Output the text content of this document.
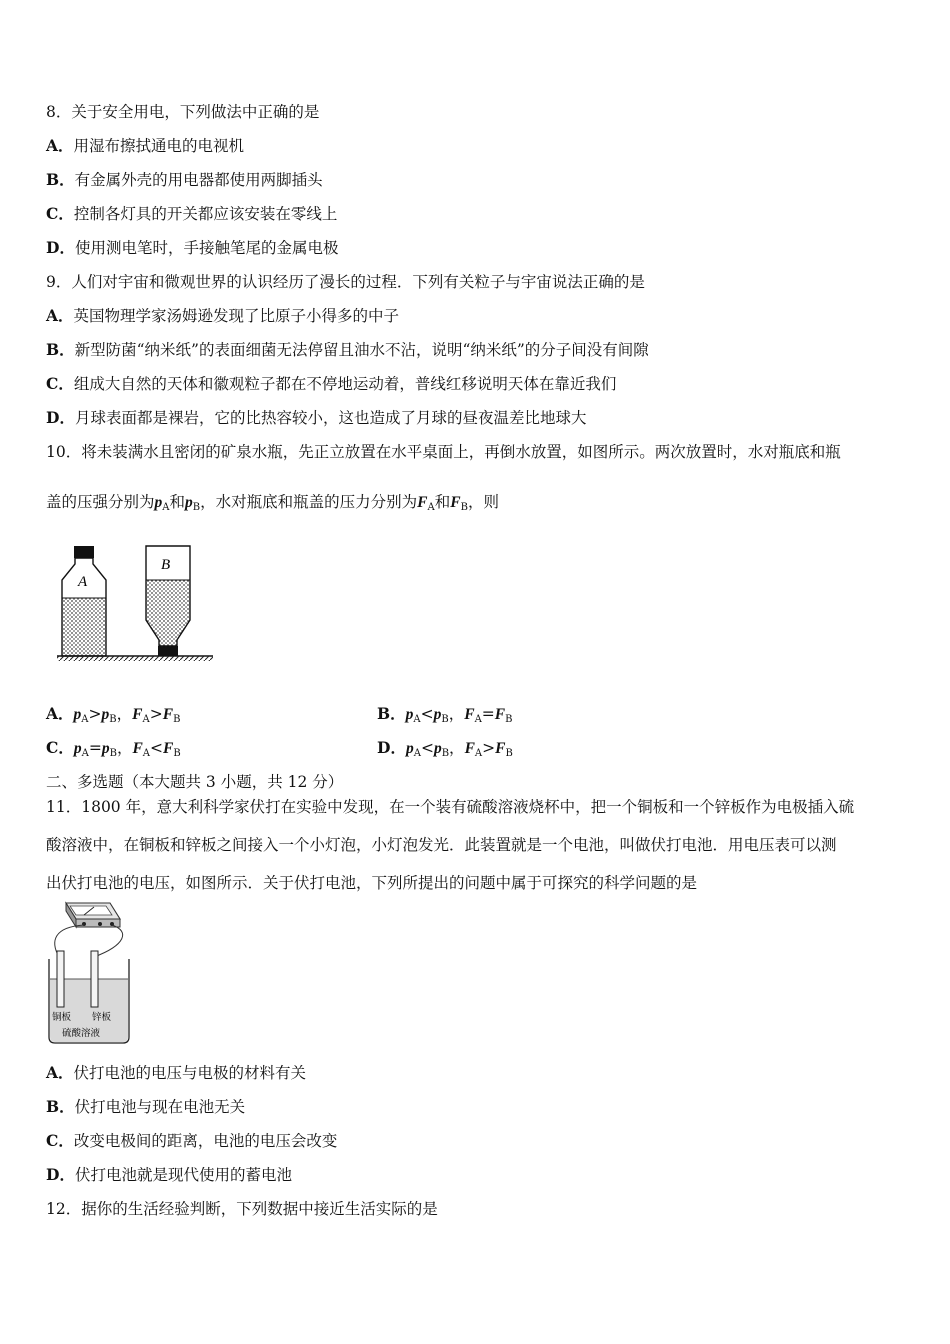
8．关于安全用电，下列做法中正确的是
A．用湿布擦拭通电的电视机
B．有金属外壳的用电器都使用两脚插头
C．控制各灯具的开关都应该安装在零线上
D．使用测电笔时，手接触笔尾的金属电极
9．人们对宇宙和微观世界的认识经历了漫长的过程．下列有关粒子与宇宙说法正确的是
A．英国物理学家汤姆逊发现了比原子小得多的中子
B．新型防菌“纳米纸”的表面细菌无法停留且油水不沾，说明“纳米纸”的分子间没有间隙
C．组成大自然的天体和徽观粒子都在不停地运动着，普线红移说明天体在靠近我们
D．月球表面都是裸岩，它的比热容较小，这也造成了月球的昼夜温差比地球大
10．将未装满水且密闭的矿泉水瓶，先正立放置在水平桌面上，再倒水放置，如图所示。两次放置时，水对瓶底和瓶
盖的压强分别为$p_A$和$p_B$，水对瓶底和瓶盖的压力分别为$F_A$和$F_B$，则
A
B
A．$p_A>p_B$，$F_A>F_B$	B．$p_A<p_B$，$F_A=F_B$
C．$p_A=p_B$，$F_A<F_B$	D．$p_A<p_B$，$F_A>F_B$
二、多选题（本大题共 3 小题，共 12 分）
11．1800 年，意大利科学家伏打在实验中发现，在一个装有硫酸溶液烧杯中，把一个铜板和一个锌板作为电极插入硫
酸溶液中，在铜板和锌板之间接入一个小灯泡，小灯泡发光．此装置就是一个电池，叫做伏打电池．用电压表可以测
出伏打电池的电压，如图所示．关于伏打电池，下列所提出的问题中属于可探究的科学问题的是
铜板 锌板
硫酸溶液
A．伏打电池的电压与电极的材料有关
B．伏打电池与现在电池无关
C．改变电极间的距离，电池的电压会改变
D．伏打电池就是现代使用的蓄电池
12．据你的生活经验判断，下列数据中接近生活实际的是
